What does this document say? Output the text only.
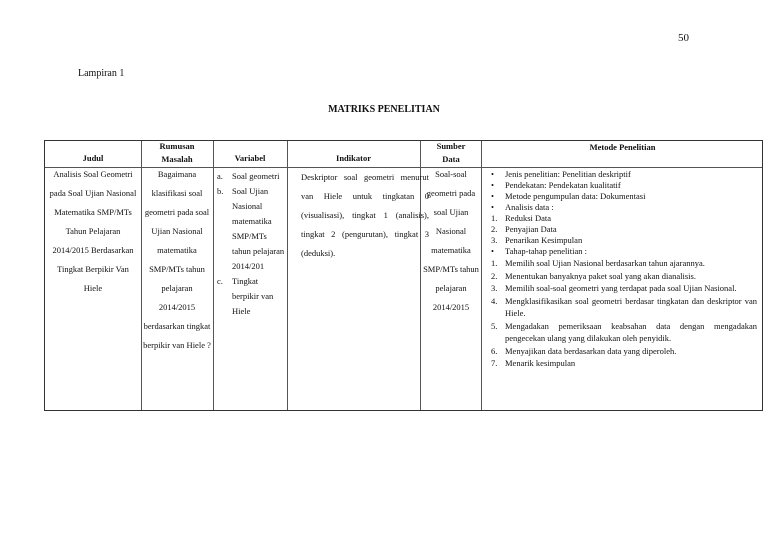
50
Lampiran 1
MATRIKS PENELITIAN
Judul
Rumusan Masalah	Variabel	Indikator
Sumber Data
Metode Penelitian
Analisis Soal Geometri pada Soal Ujian Nasional Matematika SMP/MTs Tahun Pelajaran 2014/2015 Berdasarkan Tingkat Berpikir Van Hiele
Bagaimana klasifikasi soal geometri pada soal Ujian Nasional matematika SMP/MTs tahun pelajaran 2014/2015 berdasarkan tingkat berpikir van Hiele ?
a. Soal geometri
b. Soal Ujian Nasional matematika SMP/MTs tahun pelajaran 2014/201
c. Tingkat berpikir van Hiele
Deskriptor soal geometri menurut van Hiele untuk tingkatan 0 (visualisasi), tingkat 1 (analisis), tingkat 2 (pengurutan), tingkat 3 (deduksi).
Soal-soal geometri pada soal Ujian Nasional matematika SMP/MTs tahun pelajaran 2014/2015
• Jenis penelitian: Penelitian deskriptif
• Pendekatan: Pendekatan kualitatif
• Metode pengumpulan data: Dokumentasi
• Analisis data :
1. Reduksi Data
2. Penyajian Data
3. Penarikan Kesimpulan
• Tahap-tahap penelitian :
1. Memilih soal Ujian Nasional berdasarkan tahun ajarannya.
2. Menentukan banyaknya paket soal yang akan dianalisis.
3. Memilih soal-soal geometri yang terdapat pada soal Ujian Nasional.
4. Mengklasifikasikan soal geometri berdasar tingkatan dan deskriptor van Hiele.
5. Mengadakan pemeriksaan keabsahan data dengan mengadakan pengecekan ulang yang dilakukan oleh penyidik.
6. Menyajikan data berdasarkan data yang diperoleh.
7. Menarik kesimpulan
